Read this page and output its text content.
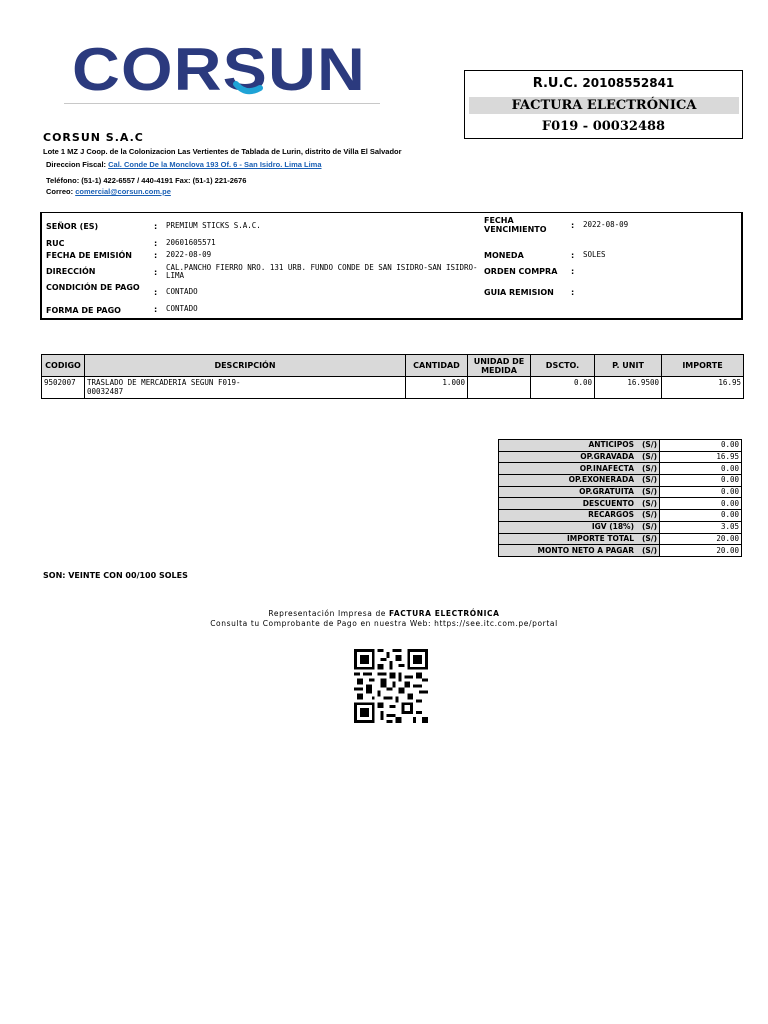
CORSUN	R.U.C. 20108552841
FACTURA ELECTRÓNICA
F019 - 00032488
CORSUN S.A.C
Lote 1 MZ J Coop. de la Colonizacion Las Vertientes de Tablada de Lurin, distrito de Villa El Salvador
Direccion Fiscal: Cal. Conde De la Monclova 193 Of. 6 - San Isidro. Lima Lima
Teléfono: (51-1) 422-6557 / 440-4191 Fax: (51-1) 221-2676
Correo: comercial@corsun.com.pe
SEÑOR (ES)	: PREMIUM STICKS S.A.C.
RUC	: 20601605571
FECHA DE EMISIÓN	: 2022-08-09
DIRECCIÓN	:
CAL.PANCHO FIERRO NRO. 131 URB. FUNDO CONDE DE SAN ISIDRO-SAN ISIDRO-LIMA
CONDICIÓN DE PAGO
: CONTADO
FORMA DE PAGO	: CONTADO
FECHA VENCIMIENTO	: 2022-08-09
MONEDA	: SOLES
ORDEN COMPRA :
GUIA REMISION :
CODIGO	DESCRIPCIÓN	CANTIDAD	UNIDAD DE MEDIDA	DSCTO.	P. UNIT	IMPORTE
9502007	TRASLADO DE MERCADERIA SEGUN F019-00032487	1.000		0.00	16.9500	16.95
ANTICIPOS (S/)	0.00
OP.GRAVADA (S/)	16.95
OP.INAFECTA (S/)	0.00
OP.EXONERADA (S/)	0.00
OP.GRATUITA (S/)	0.00
DESCUENTO (S/)	0.00
RECARGOS (S/)	0.00
IGV (18%) (S/)	3.05
IMPORTE TOTAL (S/)	20.00
MONTO NETO A PAGAR (S/)	20.00
SON: VEINTE CON 00/100 SOLES
Representación Impresa de FACTURA ELECTRÓNICA
Consulta tu Comprobante de Pago en nuestra Web: https://see.itc.com.pe/portal
